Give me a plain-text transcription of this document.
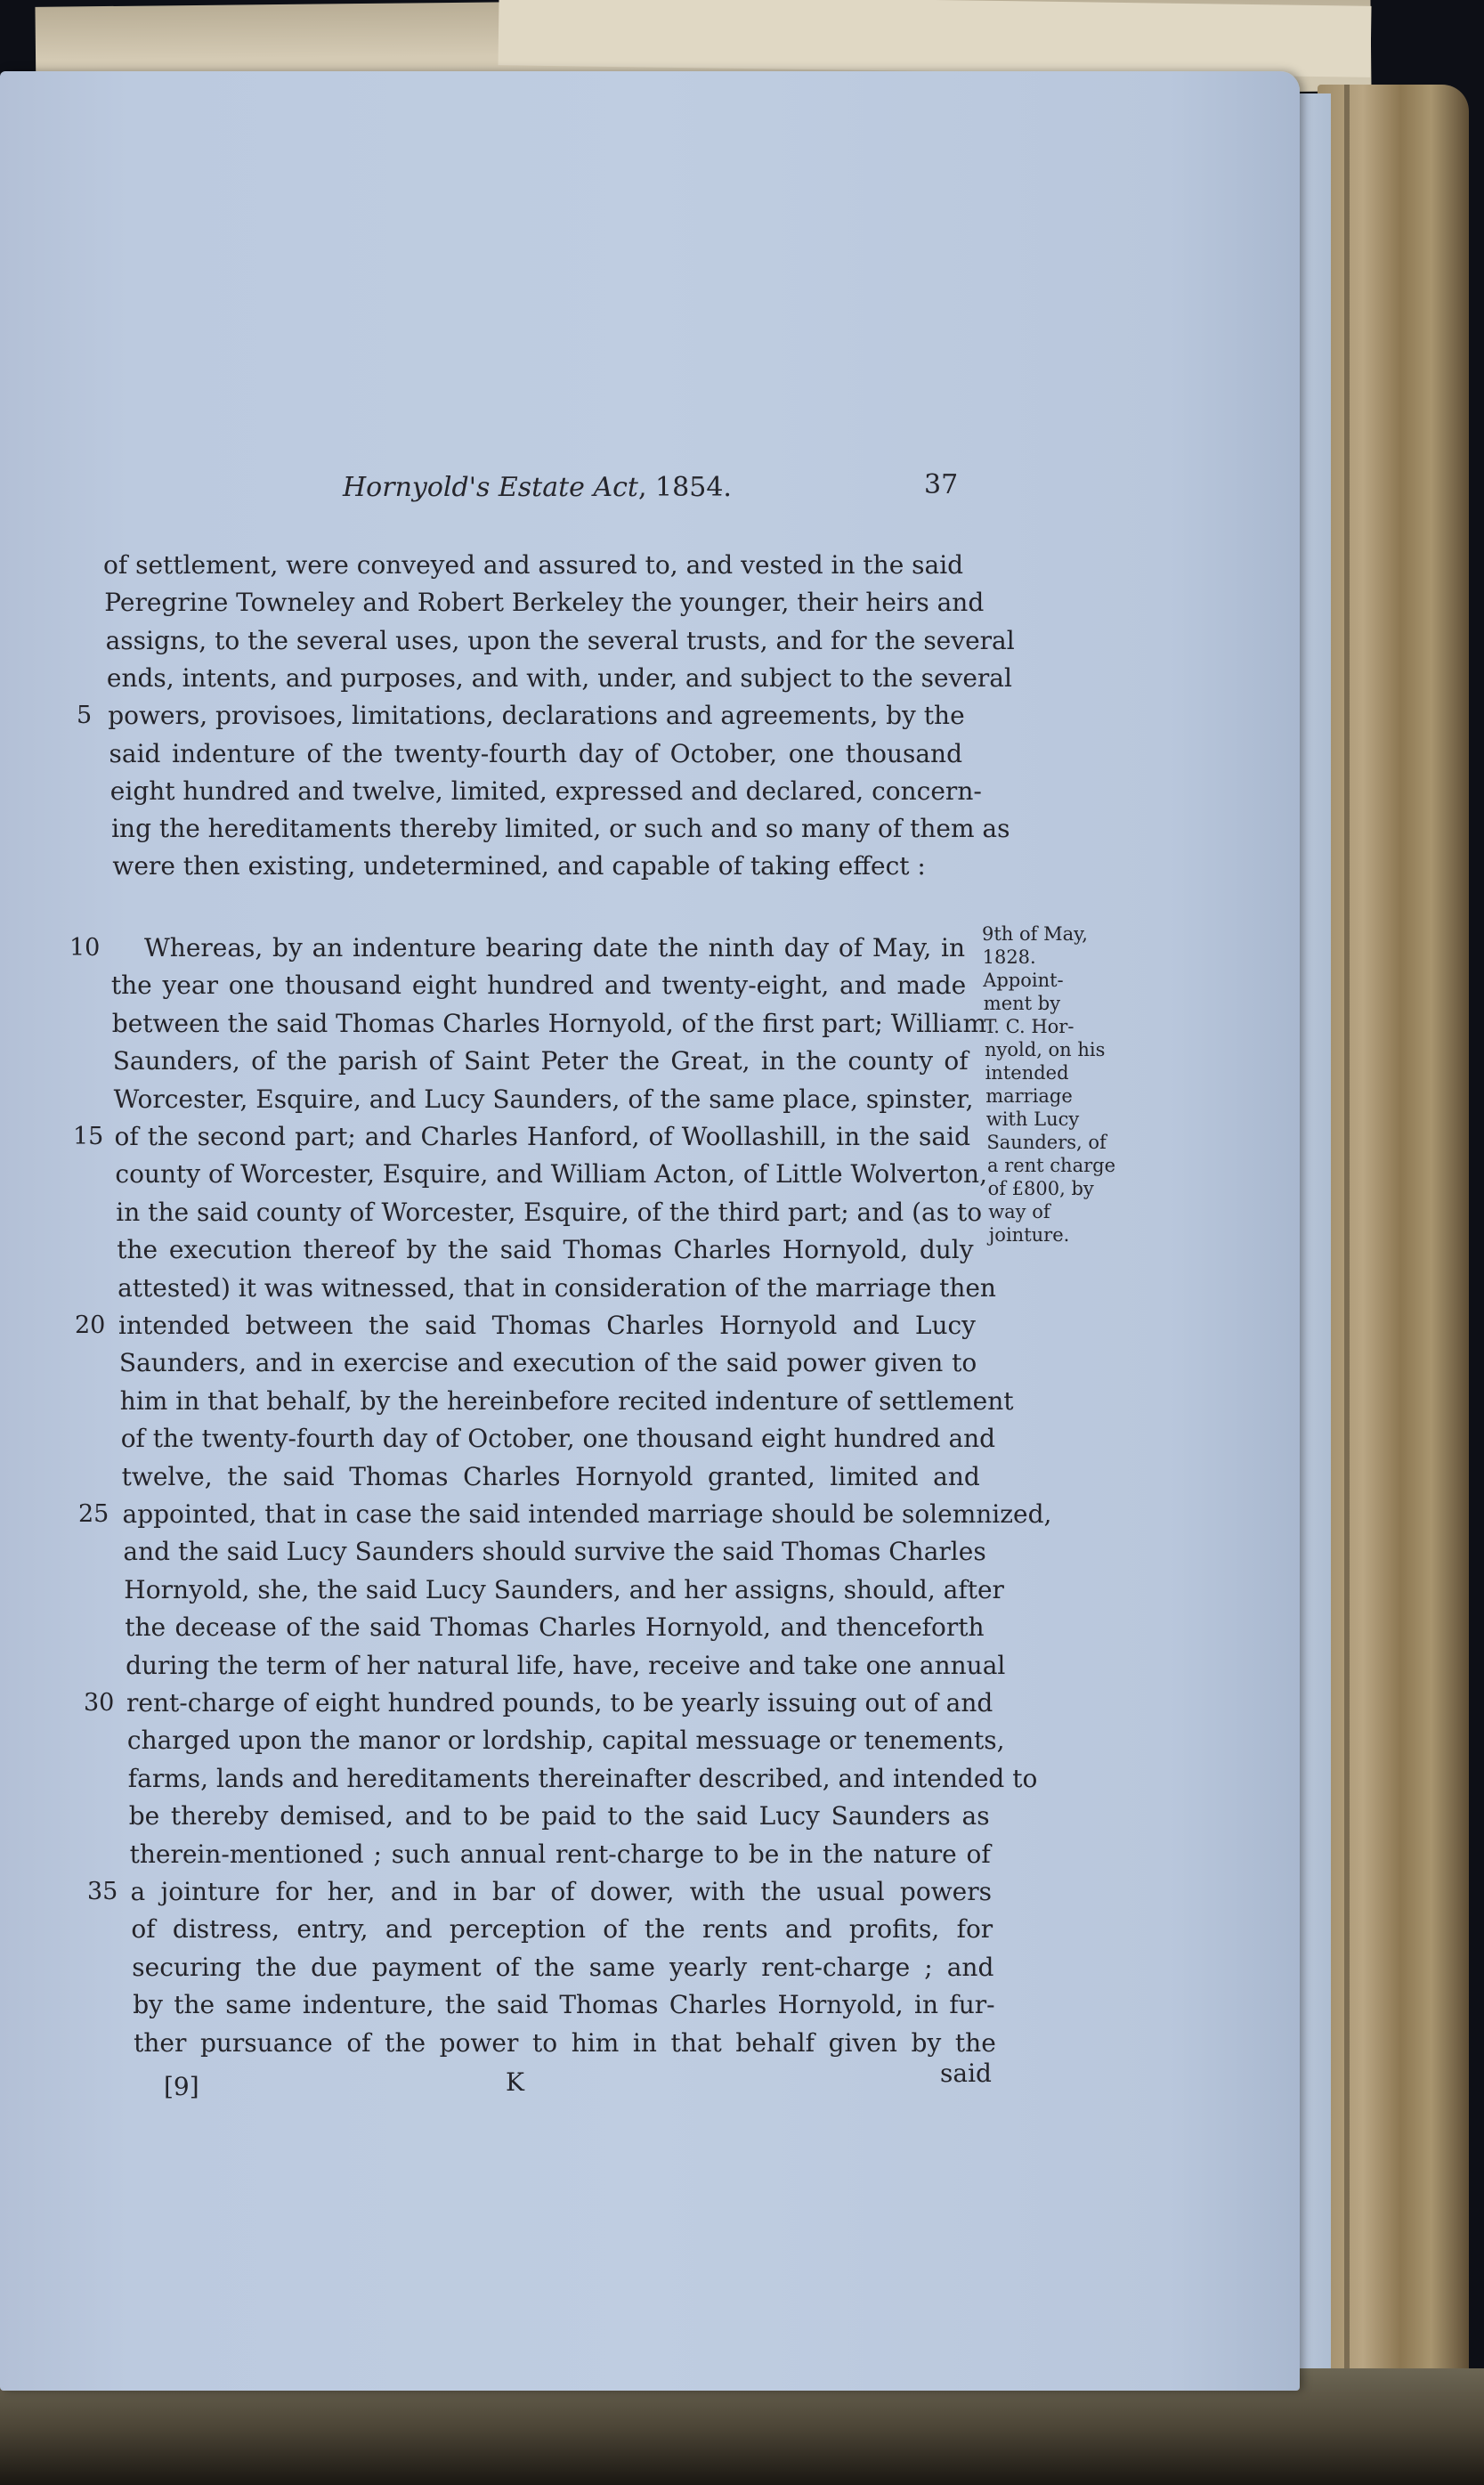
Hornyold's Estate Act, 1854.	37
of settlement, were conveyed and assured to, and vested in the said
Peregrine Towneley and Robert Berkeley the younger, their heirs and
assigns, to the several uses, upon the several trusts, and for the several
ends, intents, and purposes, and with, under, and subject to the several
powers, provisoes, limitations, declarations and agreements, by the
said indenture of the twenty-fourth day of October, one thousand
eight hundred and twelve, limited, expressed and declared, concern-
ing the hereditaments thereby limited, or such and so many of them as
were then existing, undetermined, and capable of taking effect :
Whereas, by an indenture bearing date the ninth day of May, in
the year one thousand eight hundred and twenty-eight, and made
between the said Thomas Charles Hornyold, of the first part; William
Saunders, of the parish of Saint Peter the Great, in the county of
Worcester, Esquire, and Lucy Saunders, of the same place, spinster,
of the second part; and Charles Hanford, of Woollashill, in the said
county of Worcester, Esquire, and William Acton, of Little Wolverton,
in the said county of Worcester, Esquire, of the third part; and (as to
the execution thereof by the said Thomas Charles Hornyold, duly
attested) it was witnessed, that in consideration of the marriage then
intended between the said Thomas Charles Hornyold and Lucy
Saunders, and in exercise and execution of the said power given to
him in that behalf, by the hereinbefore recited indenture of settlement
of the twenty-fourth day of October, one thousand eight hundred and
twelve, the said Thomas Charles Hornyold granted, limited and
appointed, that in case the said intended marriage should be solemnized,
and the said Lucy Saunders should survive the said Thomas Charles
Hornyold, she, the said Lucy Saunders, and her assigns, should, after
the decease of the said Thomas Charles Hornyold, and thenceforth
during the term of her natural life, have, receive and take one annual
rent-charge of eight hundred pounds, to be yearly issuing out of and
charged upon the manor or lordship, capital messuage or tenements,
farms, lands and hereditaments thereinafter described, and intended to
be thereby demised, and to be paid to the said Lucy Saunders as
therein-mentioned ; such annual rent-charge to be in the nature of
a jointure for her, and in bar of dower, with the usual powers
of distress, entry, and perception of the rents and profits, for
securing the due payment of the same yearly rent-charge ; and
by the same indenture, the said Thomas Charles Hornyold, in fur-
ther pursuance of the power to him in that behalf given by the
said
5
10
15
20
25
30
35
9th of May,
1828.
Appoint-
ment by
T. C. Hor-
nyold, on his
intended
marriage
with Lucy
Saunders, of
a rent charge
of £800, by
way of
jointure.
[9]	K
